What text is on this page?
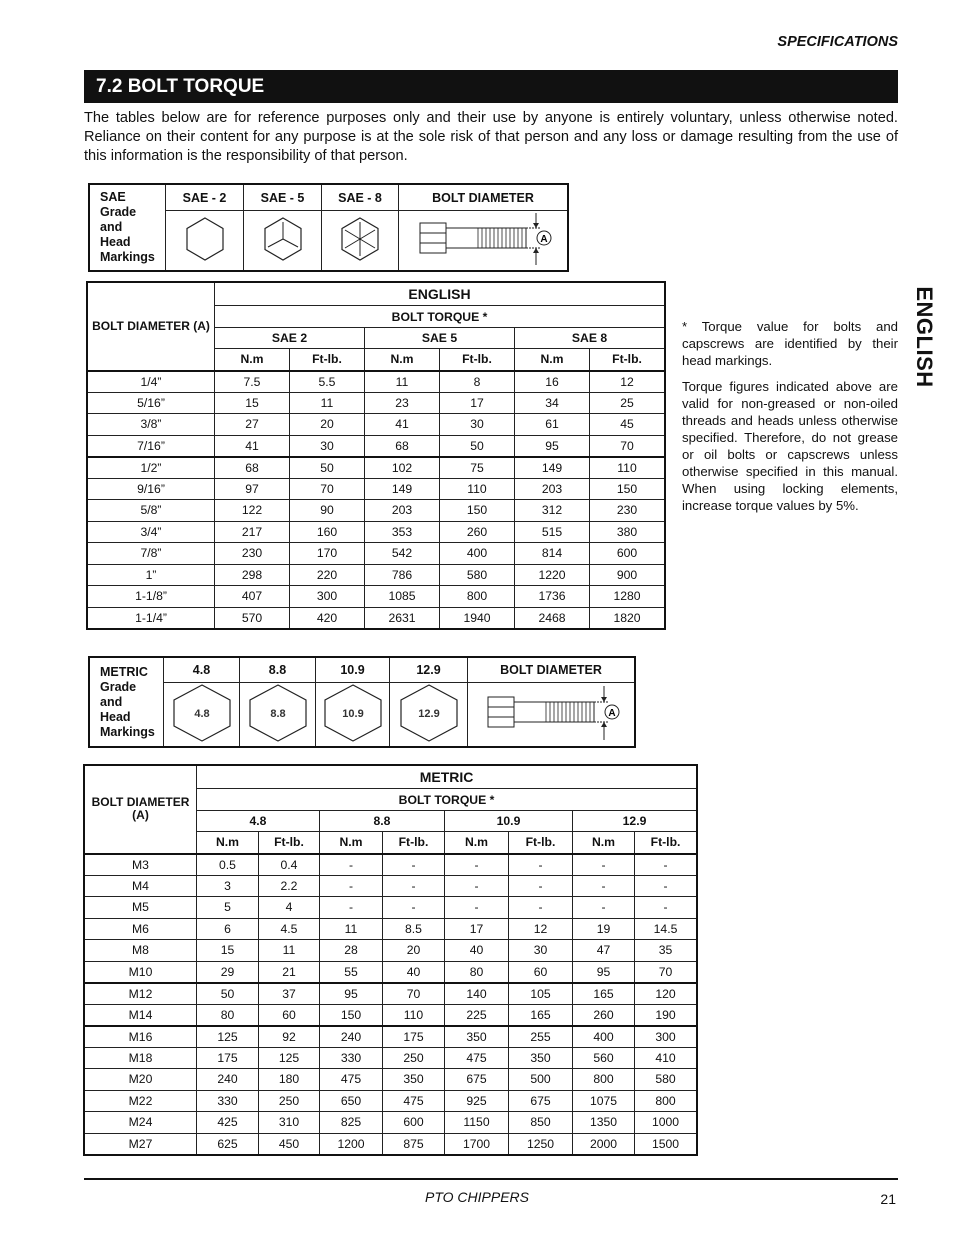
SPECIFICATIONS
7.2 BOLT TORQUE
The tables below are for reference purposes only and their use by anyone is entirely voluntary, unless otherwise noted. Reliance on their content for any purpose is at the sole risk of that person and any loss or damage resulting from the use of this information is the responsibility of that person.
ENGLISH
SAE
Grade
and
Head
Markings	SAE - 2	SAE - 5	SAE - 8	BOLT DIAMETER

A
BOLT DIAMETER (A)	ENGLISH					
	BOLT TORQUE *					
	SAE 2		SAE 5		SAE 8	
	N.m	Ft-lb.	N.m	Ft-lb.	N.m	Ft-lb.
1/4”	7.5	5.5	11	8	16	12
5/16”	15	11	23	17	34	25
3/8”	27	20	41	30	61	45
7/16”	41	30	68	50	95	70
1/2”	68	50	102	75	149	110
9/16”	97	70	149	110	203	150
5/8”	122	90	203	150	312	230
3/4”	217	160	353	260	515	380
7/8”	230	170	542	400	814	600
1”	298	220	786	580	1220	900
1-1/8”	407	300	1085	800	1736	1280
1-1/4”	570	420	2631	1940	2468	1820

* Torque value for bolts and capscrews are identified by their head markings.

Torque figures indicated above are valid for non-greased or non-oiled threads and heads unless otherwise specified. Therefore, do not grease or oil bolts or capscrews unless otherwise specified in this manual. When using locking elements, increase torque values by 5%.

METRIC
Grade
and
Head
Markings	4.8	8.8	10.9	12.9	BOLT DIAMETER

4.8	8.8	10.9	12.9	A
BOLT DIAMETER (A)	METRIC							
	BOLT TORQUE *							
	4.8		8.8		10.9		12.9	
	N.m	Ft-lb.	N.m	Ft-lb.	N.m	Ft-lb.	N.m	Ft-lb.
M3	0.5	0.4	-	-	-	-	-	-
M4	3	2.2	-	-	-	-	-	-
M5	5	4	-	-	-	-	-	-
M6	6	4.5	11	8.5	17	12	19	14.5
M8	15	11	28	20	40	30	47	35
M10	29	21	55	40	80	60	95	70
M12	50	37	95	70	140	105	165	120
M14	80	60	150	110	225	165	260	190
M16	125	92	240	175	350	255	400	300
M18	175	125	330	250	475	350	560	410
M20	240	180	475	350	675	500	800	580
M22	330	250	650	475	925	675	1075	800
M24	425	310	825	600	1150	850	1350	1000
M27	625	450	1200	875	1700	1250	2000	1500
PTO CHIPPERS	21
